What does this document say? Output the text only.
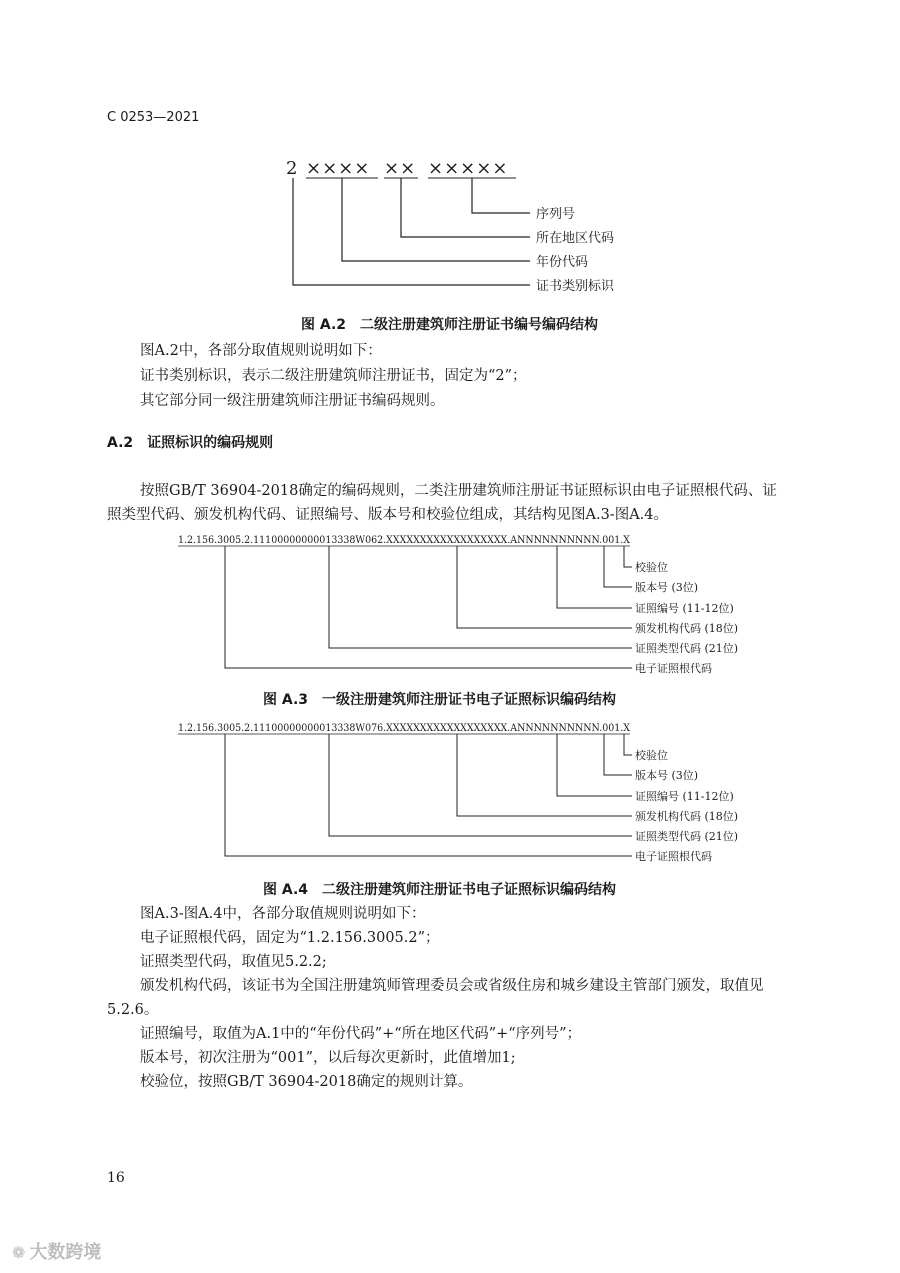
C 0253—2021
2 ×××× ×× ×××××
序列号
所在地区代码
年份代码
证书类别标识
图 A.2　二级注册建筑师注册证书编号编码结构
图A.2中，各部分取值规则说明如下：
证书类别标识，表示二级注册建筑师注册证书，固定为“2”；
其它部分同一级注册建筑师注册证书编码规则。
A.2　证照标识的编码规则
按照GB/T 36904-2018确定的编码规则，二类注册建筑师注册证书证照标识由电子证照根代码、证
照类型代码、颁发机构代码、证照编号、版本号和校验位组成，其结构见图A.3-图A.4。
1.2.156.3005.2.11100000000013338W062.XXXXXXXXXXXXXXXXXX.ANNNNNNNNNN.001.X
校验位
版本号 (3位)
证照编号 (11-12位)
颁发机构代码 (18位)
证照类型代码 (21位)
电子证照根代码
图 A.3　一级注册建筑师注册证书电子证照标识编码结构
1.2.156.3005.2.11100000000013338W076.XXXXXXXXXXXXXXXXXX.ANNNNNNNNNN.001.X
校验位
版本号 (3位)
证照编号 (11-12位)
颁发机构代码 (18位)
证照类型代码 (21位)
电子证照根代码
图 A.4　二级注册建筑师注册证书电子证照标识编码结构
图A.3-图A.4中，各部分取值规则说明如下：
电子证照根代码，固定为“1.2.156.3005.2”；
证照类型代码，取值见5.2.2;
颁发机构代码，该证书为全国注册建筑师管理委员会或省级住房和城乡建设主管部门颁发，取值见
5.2.6。
证照编号，取值为A.1中的“年份代码”+“所在地区代码”+“序列号”；
版本号，初次注册为“001”，以后每次更新时，此值增加1;
校验位，按照GB/T 36904-2018确定的规则计算。
16
❁ 大数跨境
